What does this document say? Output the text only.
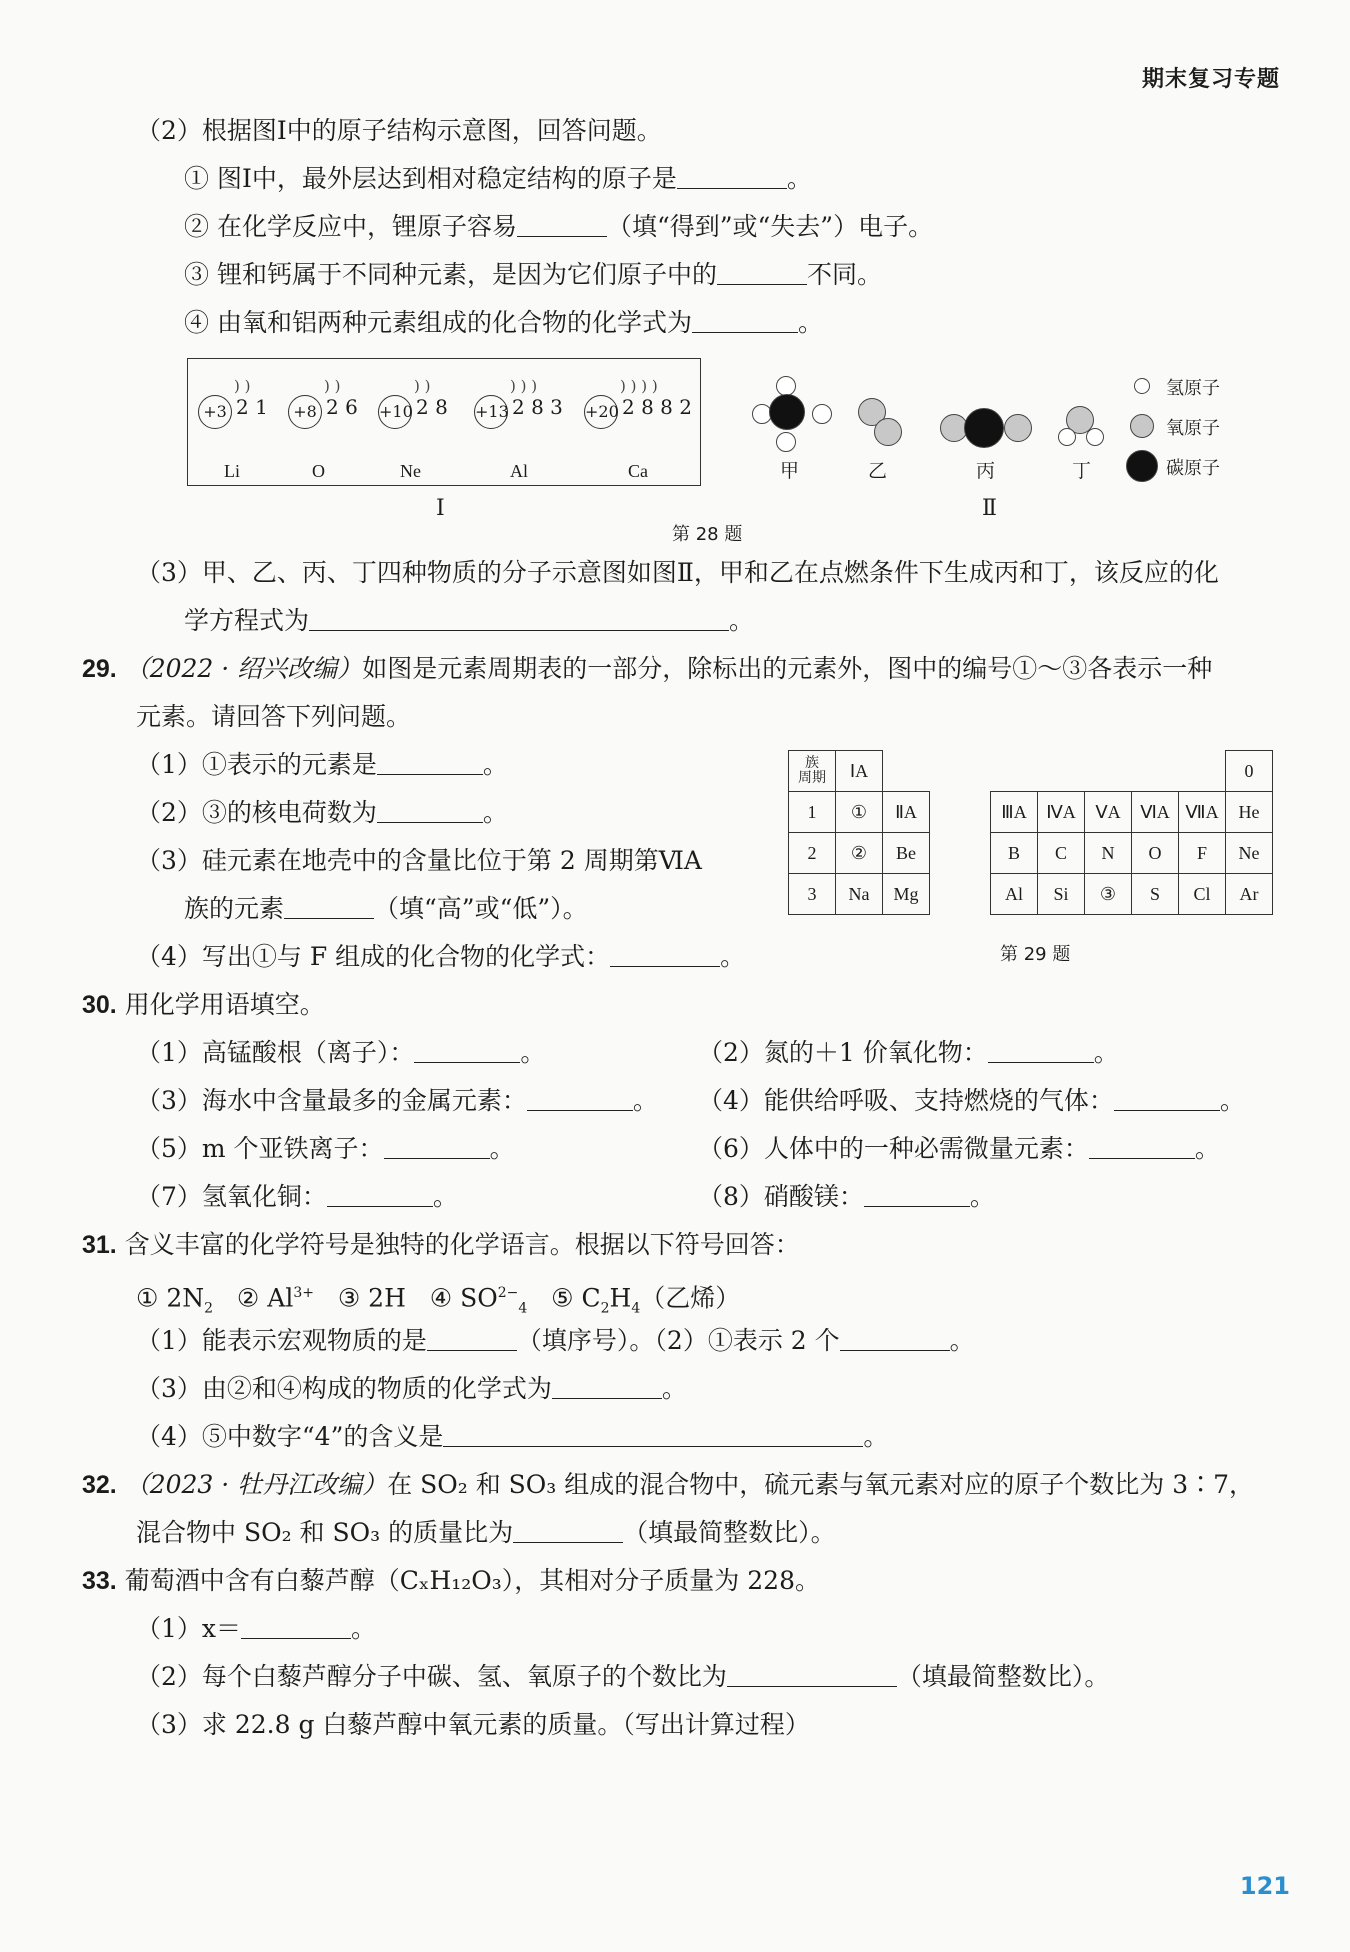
期末复习专题
（2）根据图Ⅰ中的原子结构示意图，回答问题。
① 图Ⅰ中，最外层达到相对稳定结构的原子是	。
② 在化学反应中，锂原子容易	（填“得到”或“失去”）电子。
③ 锂和钙属于不同种元素，是因为它们原子中的	不同。
④ 由氧和铝两种元素组成的化合物的化学式为	。
+3 2 1
) )
Li
+8 2 6
) )
O
+10 2 8
) )
Ne
+13 2 8 3
) ) )
Al
+20 2 8 8 2
) ) ) )
Ca
Ⅰ
甲	乙	丙	丁
氢原子
氧原子
碳原子
Ⅱ
第 28 题
（3）甲、乙、丙、丁四种物质的分子示意图如图Ⅱ，甲和乙在点燃条件下生成丙和丁，该反应的化
学方程式为	。
29. （2022 · 绍兴改编）如图是元素周期表的一部分，除标出的元素外，图中的编号①～③各表示一种
元素。请回答下列问题。
（1）①表示的元素是	。
（2）③的核电荷数为	。
（3）硅元素在地壳中的含量比位于第 2 周期第ⅥA
族的元素	（填“高”或“低”）。
（4）写出①与 F 组成的化合物的化学式：	。
族
周期	ⅠA	
1	①	ⅡA
2	②	Be
3	Na	Mg
					0
ⅢA	ⅣA	ⅤA	ⅥA	ⅦA	He
B	C	N	O	F	Ne
Al	Si	③	S	Cl	Ar
第 29 题
30. 用化学用语填空。
（1）高锰酸根（离子）：	。	（2）氮的＋1 价氧化物：	。
（3）海水中含量最多的金属元素：	。 （4）能供给呼吸、支持燃烧的气体：	。
（5）m 个亚铁离子：	。	（6）人体中的一种必需微量元素：	。
（7）氢氧化铜：	。	（8）硝酸镁：	。
31. 含义丰富的化学符号是独特的化学语言。根据以下符号回答：
① $2N_2$ ② $Al^{3+}$ ③ 2H ④ $SO^{2-}_4$ ⑤ $C_2H_4$（乙烯）
（1）能表示宏观物质的是	（填序号）。（2）①表示 2 个	。
（3）由②和④构成的物质的化学式为	。
（4）⑤中数字“4”的含义是	。
32. （2023 · 牡丹江改编）在 SO₂ 和 SO₃ 组成的混合物中，硫元素与氧元素对应的原子个数比为 3∶7，
混合物中 SO₂ 和 SO₃ 的质量比为	（填最简整数比）。
33. 葡萄酒中含有白藜芦醇（CₓH₁₂O₃），其相对分子质量为 228。
（1）x＝	。
（2）每个白藜芦醇分子中碳、氢、氧原子的个数比为	（填最简整数比）。
（3）求 22.8 g 白藜芦醇中氧元素的质量。（写出计算过程）
121
